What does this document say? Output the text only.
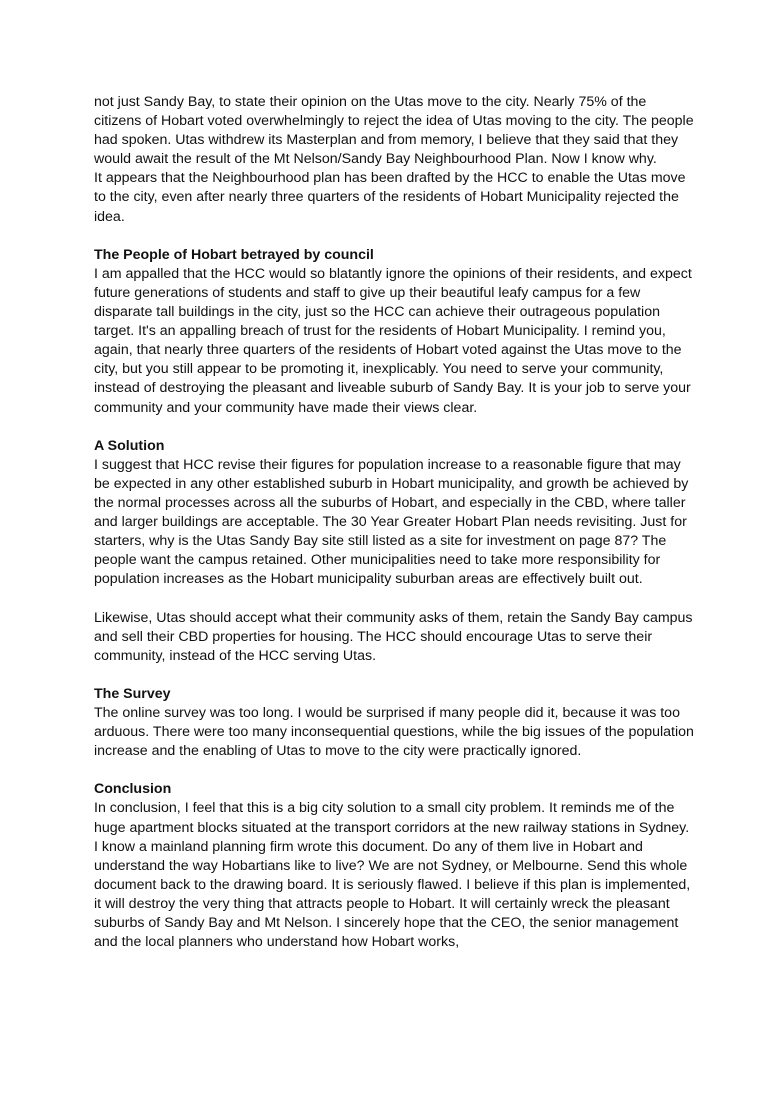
not just Sandy Bay, to state their opinion on the Utas move to the city. Nearly 75% of the citizens of Hobart voted overwhelmingly to reject the idea of Utas moving to the city. The people had spoken. Utas withdrew its Masterplan and from memory, I believe that they said that they would await the result of the Mt Nelson/Sandy Bay Neighbourhood Plan. Now I know why.

It appears that the Neighbourhood plan has been drafted by the HCC to enable the Utas move to the city, even after nearly three quarters of the residents of Hobart Municipality rejected the idea.

The People of Hobart betrayed by council

I am appalled that the HCC would so blatantly ignore the opinions of their residents, and expect future generations of students and staff to give up their beautiful leafy campus for a few disparate tall buildings in the city, just so the HCC can achieve their outrageous population target. It's an appalling breach of trust for the residents of Hobart Municipality. I remind you, again, that nearly three quarters of the residents of Hobart voted against the Utas move to the city, but you still appear to be promoting it, inexplicably. You need to serve your community, instead of destroying the pleasant and liveable suburb of Sandy Bay. It is your job to serve your community and your community have made their views clear.

A Solution

I suggest that HCC revise their figures for population increase to a reasonable figure that may be expected in any other established suburb in Hobart municipality, and growth be achieved by the normal processes across all the suburbs of Hobart, and especially in the CBD, where taller and larger buildings are acceptable. The 30 Year Greater Hobart Plan needs revisiting. Just for starters, why is the Utas Sandy Bay site still listed as a site for investment on page 87? The people want the campus retained. Other municipalities need to take more responsibility for population increases as the Hobart municipality suburban areas are effectively built out.

Likewise, Utas should accept what their community asks of them, retain the Sandy Bay campus and sell their CBD properties for housing. The HCC should encourage Utas to serve their community, instead of the HCC serving Utas.

The Survey

The online survey was too long. I would be surprised if many people did it, because it was too arduous. There were too many inconsequential questions, while the big issues of the population increase and the enabling of Utas to move to the city were practically ignored.

Conclusion

In conclusion, I feel that this is a big city solution to a small city problem. It reminds me of the huge apartment blocks situated at the transport corridors at the new railway stations in Sydney. I know a mainland planning firm wrote this document. Do any of them live in Hobart and understand the way Hobartians like to live? We are not Sydney, or Melbourne. Send this whole document back to the drawing board. It is seriously flawed. I believe if this plan is implemented, it will destroy the very thing that attracts people to Hobart. It will certainly wreck the pleasant suburbs of Sandy Bay and Mt Nelson. I sincerely hope that the CEO, the senior management and the local planners who understand how Hobart works,
